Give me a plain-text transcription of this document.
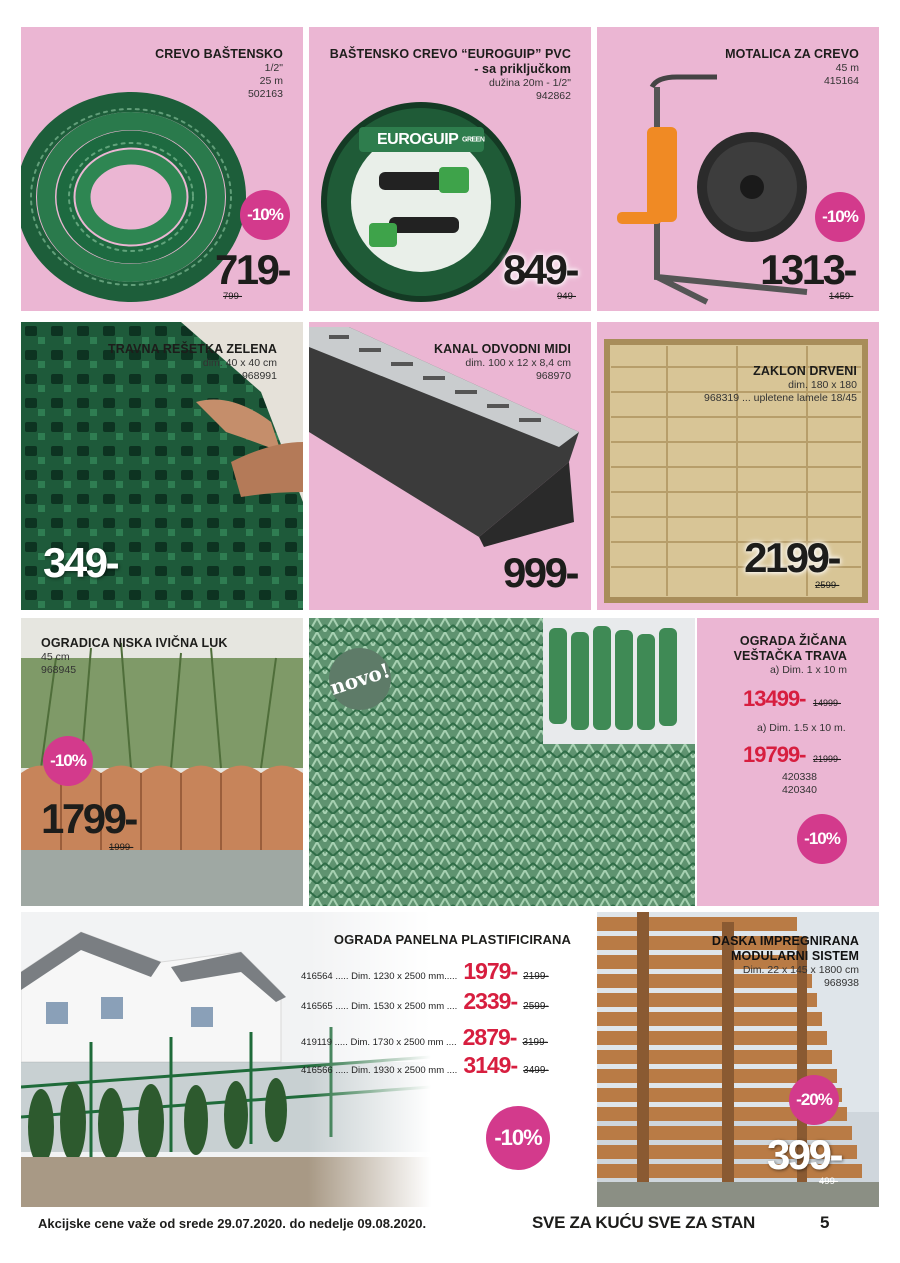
CREVO BAŠTENSKO
1/2"
25 m
502163
-10%
719-
799-
EUROGUIP GREEN
BAŠTENSKO CREVO “EUROGUIP” PVC
- sa priključkom
dužina 20m - 1/2"
942862
849-
949-
MOTALICA ZA CREVO
45 m
415164
-10%
1313-
1459-
TRAVNA REŠETKA ZELENA
dim. 40 x 40 cm
968991
349-
KANAL ODVODNI MIDI
dim. 100 x 12 x 8,4 cm
968970
999-
ZAKLON DRVENI
dim. 180 x 180
968319 ... upletene lamele 18/45
2199-
2599-
OGRADICA NISKA IVIČNA LUK
45 cm
968945
-10%
1799-
1999-
novo!
OGRADA ŽIČANA
VEŠTAČKA TRAVA
a) Dim. 1 x 10 m
13499- 14999-
a) Dim. 1.5 x 10 m.
19799- 21999-
420338
420340
-10%
OGRADA PANELNA PLASTIFICIRANA
416564 ..... Dim. 1230 x 2500 mm..... 1979- 2199-
416565 ..... Dim. 1530 x 2500 mm .... 2339- 2599-
419119 ..... Dim. 1730 x 2500 mm .... 2879- 3199-
416566 ..... Dim. 1930 x 2500 mm .... 3149- 3499-
-10%
DASKA IMPREGNIRANA
MODULARNI SISTEM
Dim. 22 x 145 x 1800 cm
968938
-20%
399-
499-
Akcijske cene važe od srede 29.07.2020. do nedelje 09.08.2020.	SVE ZA KUĆU SVE ZA STAN	5
